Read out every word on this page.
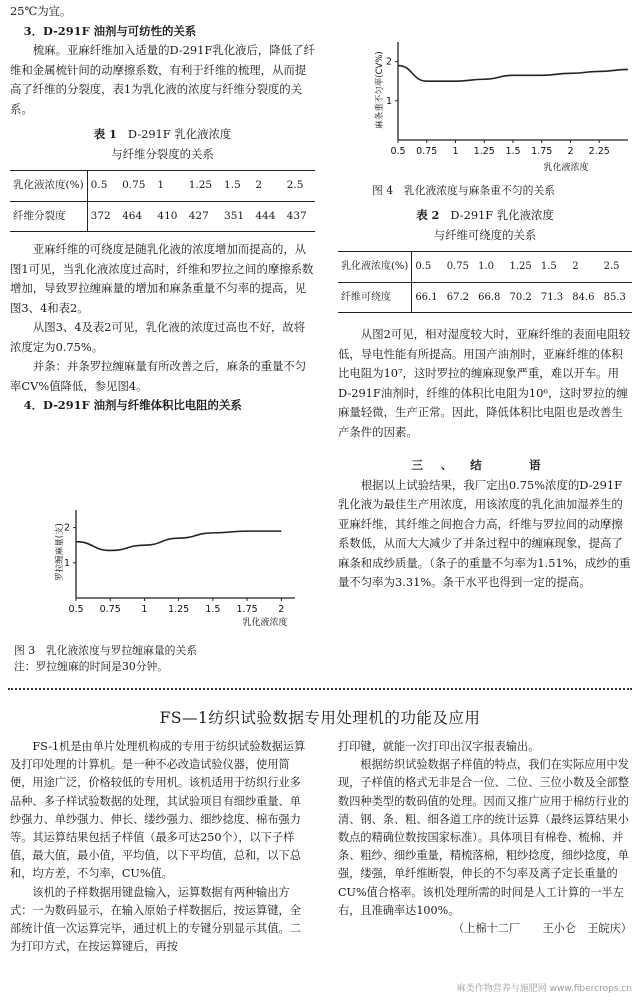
25℃为宜。

3．D-291F 油剂与可纺性的关系

梳麻。亚麻纤维加入适量的D-291F乳化液后，降低了纤维和金属梳针间的动摩擦系数，有利于纤维的梳理，从而提高了纤维的分裂度，表1为乳化液的浓度与纤维分裂度的关系。

表 1 D-291F 乳化液浓度
与纤维分裂度的关系
乳化液浓度(%)	0.5	0.75	1	1.25	1.5	2	2.5
纤维分裂度	372	464	410	427	351	444	437

亚麻纤维的可绕度是随乳化液的浓度增加而提高的，从图1可见，当乳化液浓度过高时，纤维和罗拉之间的摩擦系数增加，导致罗拉缠麻量的增加和麻条重量不匀率的提高，见图3、4和表2。

从图3、4及表2可见，乳化液的浓度过高也不好，故将浓度定为0.75%。

并条：并条罗拉缠麻量有所改善之后，麻条的重量不匀率CV%值降低，参见图4。

4．D-291F 油剂与纤维体积比电阻的关系

0.5 0.75 1 1.25 1.5 1.75 2
1
2
乳化液浓度
罗拉缠麻量(支)
图 3　乳化液浓度与罗拉缠麻量的关系
注：罗拉缠麻的时间是30分钟。
0.5 0.75 1 1.25 1.5 1.75 2 2.25
1
2
乳化液浓度
麻条重不匀率(CV%)
图 4　乳化液浓度与麻条重不匀的关系
表 2 D-291F 乳化液浓度
与纤维可绕度的关系
乳化液浓度(%)	0.5	0.75	1.0	1.25	1.5	2	2.5
纤维可绕度	66.1	67.2	66.8	70.2	71.3	84.6	85.3

从图2可见，相对湿度较大时，亚麻纤维的表面电阻较低，导电性能有所提高。用国产油剂时，亚麻纤维的体积比电阻为10⁷，这时罗拉的缠麻现象严重，难以开车。用D-291F油剂时，纤维的体积比电阻为10⁶，这时罗拉的缠麻量轻微，生产正常。因此，降低体积比电阻也是改善生产条件的因素。

三、结　语

根据以上试验结果，我厂定出0.75%浓度的D-291F乳化液为最佳生产用浓度，用该浓度的乳化油加湿养生的亚麻纤维，其纤维之间抱合力高，纤维与罗拉间的动摩擦系数低，从而大大减少了并条过程中的缠麻现象，提高了麻条和成纱质量。（条子的重量不匀率为1.51%，成纱的重量不匀率为3.31%。条干水平也得到一定的提高。

FS—1纺织试验数据专用处理机的功能及应用

FS-1机是由单片处理机构成的专用于纺织试验数据运算及打印处理的计算机。是一种不必改造试验仪器，使用简便，用途广泛，价格较低的专用机。该机适用于纺织行业多品种、多子样试验数据的处理，其试验项目有细纱重量、单纱强力、单纱强力、伸长、缕纱强力、细纱捻度、棉布强力等。其运算结果包括子样值（最多可达250个），以下子样值，最大值，最小值，平均值，以下平均值，总和，以下总和，均方差，不匀率，CU%值。

该机的子样数据用键盘输入，运算数据有两种输出方式：一为数码显示，在输入原始子样数据后，按运算键，全部统计值一次运算完毕，通过机上的专键分别显示其值。二为打印方式，在按运算键后，再按

打印键，就能一次打印出汉字报表输出。

根据纺织试验数据子样值的特点，我们在实际应用中发现，子样值的格式无非是合一位、二位、三位小数及全部整数四种类型的数码值的处理。因而又推广应用于棉纺行业的清、钢、条、粗、细各道工序的统计运算（最终运算结果小数点的精确位数按国家标准）。具体项目有棉卷、梳棉、并条、粗纱、细纱重量，精梳落棉，粗纱捻度，细纱捻度，单强，缕强，单纤维断裂，伸长的不匀率及离子定长重量的CU%值合格率。该机处理所需的时间是人工计算的一半左右，且准确率达100%。

（上棉十二厂　　王小仑　王皖庆）

麻类作物营养与施肥网 www.fibercrops.cn
